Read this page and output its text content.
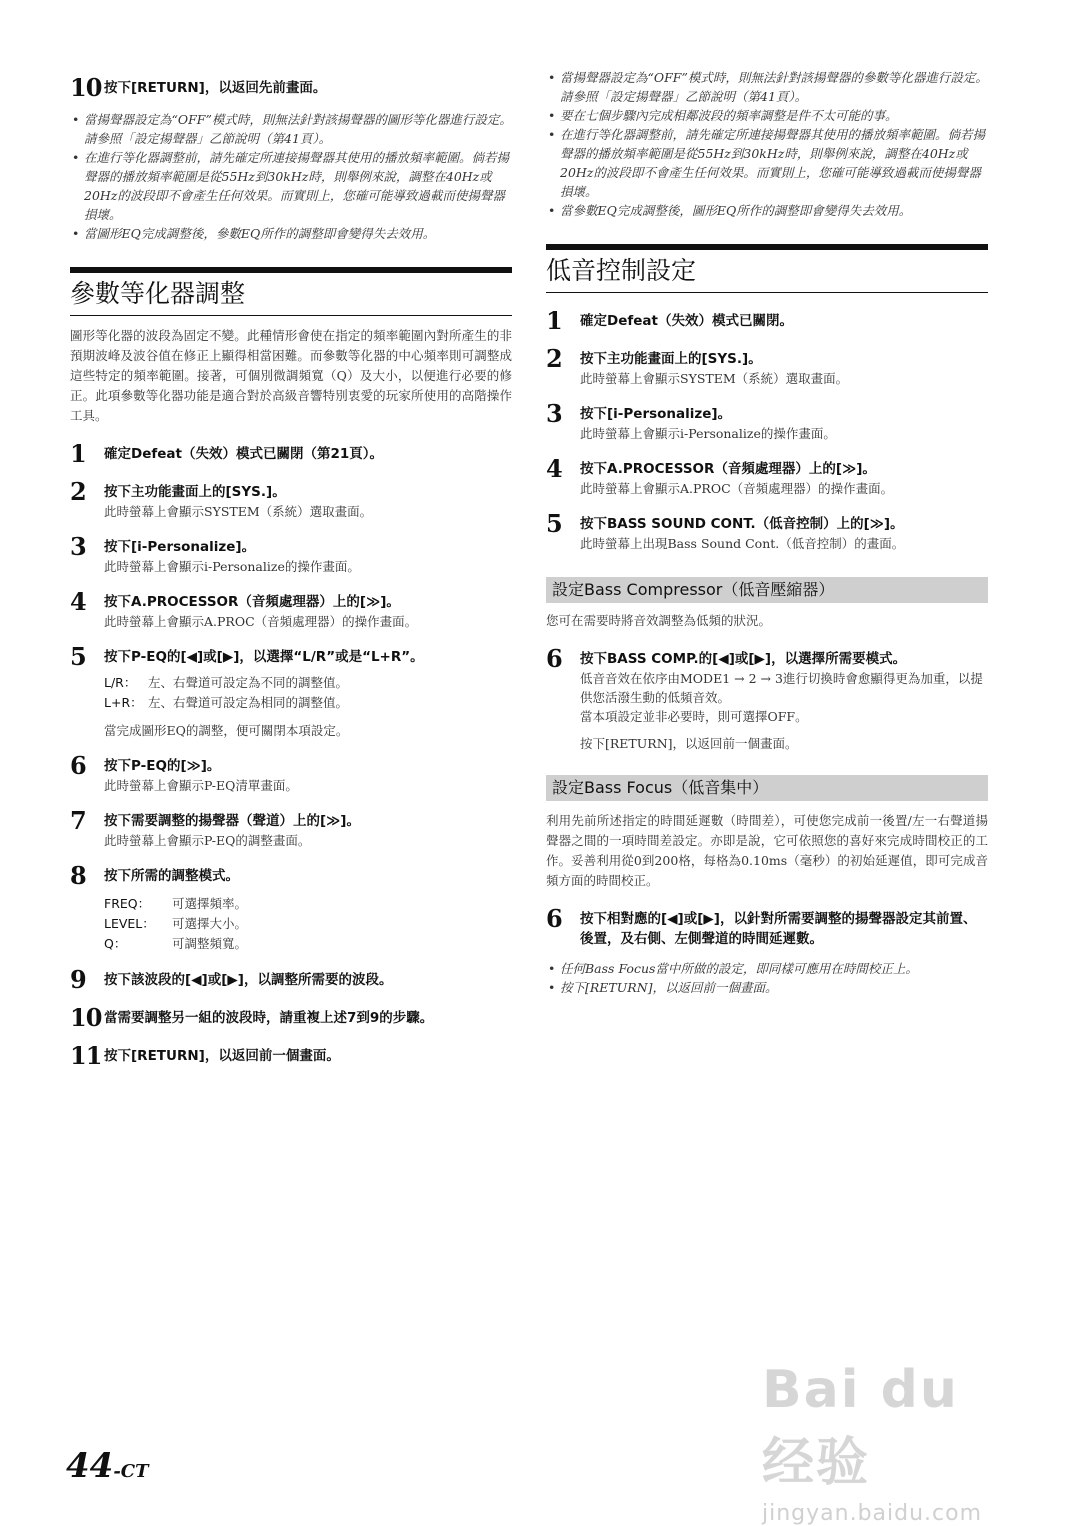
10 按下[RETURN]，以返回先前畫面。
• 當揚聲器設定為“OFF”模式時，則無法針對該揚聲器的圖形等化器進行設定。請參照「設定揚聲器」乙節說明（第41頁）。
• 在進行等化器調整前，請先確定所連接揚聲器其使用的播放頻率範圍。倘若揚聲器的播放頻率範圍是從55Hz到30kHz時，則舉例來說，調整在40Hz或20Hz的波段即不會產生任何效果。而實則上，您確可能導致過載而使揚聲器損壞。
• 當圖形EQ完成調整後，參數EQ所作的調整即會變得失去效用。
參數等化器調整
圖形等化器的波段為固定不變。此種情形會使在指定的頻率範圍內對所產生的非預期波峰及波谷值在修正上顯得相當困難。而參數等化器的中心頻率則可調整成這些特定的頻率範圍。接著，可個別微調頻寬（Q）及大小，以便進行必要的修正。此項參數等化器功能是適合對於高級音響特別衷愛的玩家所使用的高階操作工具。
1	確定Defeat（失效）模式已關閉（第21頁）。
2	按下主功能畫面上的[SYS.]。
此時螢幕上會顯示SYSTEM（系統）選取畫面。
3	按下[i-Personalize]。
此時螢幕上會顯示i-Personalize的操作畫面。
4	按下A.PROCESSOR（音頻處理器）上的[≫]。
此時螢幕上會顯示A.PROC（音頻處理器）的操作畫面。
5	按下P-EQ的[◀]或[▶]，以選擇“L/R”或是“L+R”。
L/R： 左、右聲道可設定為不同的調整值。
L+R： 左、右聲道可設定為相同的調整值。
當完成圖形EQ的調整，便可關閉本項設定。
6	按下P-EQ的[≫]。
此時螢幕上會顯示P-EQ清單畫面。
7	按下需要調整的揚聲器（聲道）上的[≫]。
此時螢幕上會顯示P-EQ的調整畫面。
8	按下所需的調整模式。
FREQ：	可選擇頻率。
LEVEL：	可選擇大小。
Q：	可調整頻寬。
9	按下該波段的[◀]或[▶]，以調整所需要的波段。
10 當需要調整另一組的波段時，請重複上述7到9的步驟。
11 按下[RETURN]，以返回前一個畫面。
• 當揚聲器設定為“OFF”模式時，則無法針對該揚聲器的參數等化器進行設定。請參照「設定揚聲器」乙節說明（第41頁）。
• 要在七個步驟內完成相鄰波段的頻率調整是件不太可能的事。
• 在進行等化器調整前，請先確定所連接揚聲器其使用的播放頻率範圍。倘若揚聲器的播放頻率範圍是從55Hz到30kHz時，則舉例來說，調整在40Hz或20Hz的波段即不會產生任何效果。而實則上，您確可能導致過載而使揚聲器損壞。
• 當參數EQ完成調整後，圖形EQ所作的調整即會變得失去效用。
低音控制設定
1	確定Defeat（失效）模式已關閉。
2	按下主功能畫面上的[SYS.]。
此時螢幕上會顯示SYSTEM（系統）選取畫面。
3	按下[i-Personalize]。
此時螢幕上會顯示i-Personalize的操作畫面。
4	按下A.PROCESSOR（音頻處理器）上的[≫]。
此時螢幕上會顯示A.PROC（音頻處理器）的操作畫面。
5	按下BASS SOUND CONT.（低音控制）上的[≫]。
此時螢幕上出現Bass Sound Cont.（低音控制）的畫面。
設定Bass Compressor（低音壓縮器）
您可在需要時將音效調整為低頻的狀況。
6	按下BASS COMP.的[◀]或[▶]，以選擇所需要模式。
低音音效在依序由MODE1 → 2 → 3進行切換時會愈顯得更為加重，以提供您活潑生動的低頻音效。
當本項設定並非必要時，則可選擇OFF。
按下[RETURN]，以返回前一個畫面。
設定Bass Focus（低音集中）
利用先前所述指定的時間延遲數（時間差），可使您完成前一後置/左一右聲道揚聲器之間的一項時間差設定。亦即是說，它可依照您的喜好來完成時間校正的工作。妥善利用從0到200格，每格為0.10ms（毫秒）的初始延遲值，即可完成音頻方面的時間校正。
6	按下相對應的[◀]或[▶]，以針對所需要調整的揚聲器設定其前置、後置，及右側、左側聲道的時間延遲數。
• 任何Bass Focus當中所做的設定，即同樣可應用在時間校正上。
• 按下[RETURN]，以返回前一個畫面。
44-CT
Bai du 经验
jingyan.baidu.com
